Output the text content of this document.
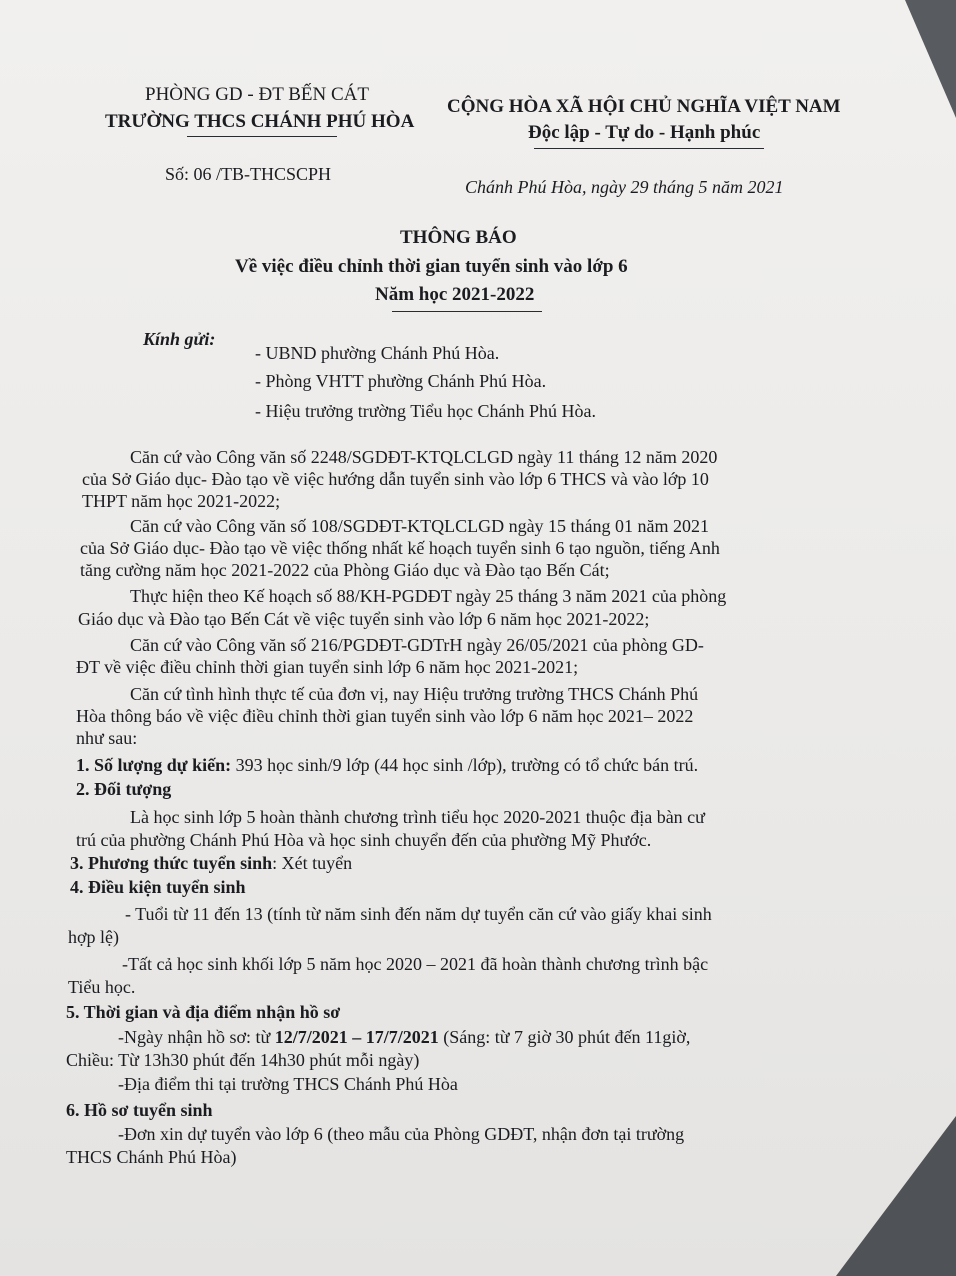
PHÒNG GD - ĐT BẾN CÁT
TRƯỜNG THCS CHÁNH PHÚ HÒA
Số: 06 /TB-THCSCPH
CỘNG HÒA XÃ HỘI CHỦ NGHĨA VIỆT NAM
Độc lập - Tự do - Hạnh phúc
Chánh Phú Hòa, ngày 29 tháng 5 năm 2021
THÔNG BÁO
Về việc điều chỉnh thời gian tuyển sinh vào lớp 6
Năm học 2021-2022
Kính gửi:
- UBND phường Chánh Phú Hòa.
- Phòng VHTT phường Chánh Phú Hòa.
- Hiệu trưởng trường Tiểu học Chánh Phú Hòa.
Căn cứ vào Công văn số 2248/SGDĐT-KTQLCLGD ngày 11 tháng 12 năm 2020
của Sở Giáo dục- Đào tạo về việc hướng dẫn tuyển sinh vào lớp 6 THCS và vào lớp 10
THPT năm học 2021-2022;
Căn cứ vào Công văn số 108/SGDĐT-KTQLCLGD ngày 15 tháng 01 năm 2021
của Sở Giáo dục- Đào tạo về việc thống nhất kế hoạch tuyển sinh 6 tạo nguồn, tiếng Anh
tăng cường năm học 2021-2022 của Phòng Giáo dục và Đào tạo Bến Cát;
Thực hiện theo Kế hoạch số 88/KH-PGDĐT ngày 25 tháng 3 năm 2021 của phòng
Giáo dục và Đào tạo Bến Cát về việc tuyển sinh vào lớp 6 năm học 2021-2022;
Căn cứ vào Công văn số 216/PGDĐT-GDTrH ngày 26/05/2021 của phòng GD-
ĐT về việc điều chỉnh thời gian tuyển sinh lớp 6 năm học 2021-2021;
Căn cứ tình hình thực tế của đơn vị, nay Hiệu trưởng trường THCS Chánh Phú
Hòa thông báo về việc điều chỉnh thời gian tuyển sinh vào lớp 6 năm học 2021– 2022
như sau:
1. Số lượng dự kiến: 393 học sinh/9 lớp (44 học sinh /lớp), trường có tổ chức bán trú.
2. Đối tượng
Là học sinh lớp 5 hoàn thành chương trình tiểu học 2020-2021 thuộc địa bàn cư
trú của phường Chánh Phú Hòa và học sinh chuyển đến của phường Mỹ Phước.
3. Phương thức tuyển sinh: Xét tuyển
4. Điều kiện tuyển sinh
- Tuổi từ 11 đến 13 (tính từ năm sinh đến năm dự tuyển căn cứ vào giấy khai sinh
hợp lệ)
-Tất cả học sinh khối lớp 5 năm học 2020 – 2021 đã hoàn thành chương trình bậc
Tiểu học.
5. Thời gian và địa điểm nhận hồ sơ
-Ngày nhận hồ sơ: từ 12/7/2021 – 17/7/2021 (Sáng: từ 7 giờ 30 phút đến 11giờ,
Chiều: Từ 13h30 phút đến 14h30 phút mỗi ngày)
-Địa điểm thi tại trường THCS Chánh Phú Hòa
6. Hồ sơ tuyển sinh
-Đơn xin dự tuyển vào lớp 6 (theo mẫu của Phòng GDĐT, nhận đơn tại trường
THCS Chánh Phú Hòa)
